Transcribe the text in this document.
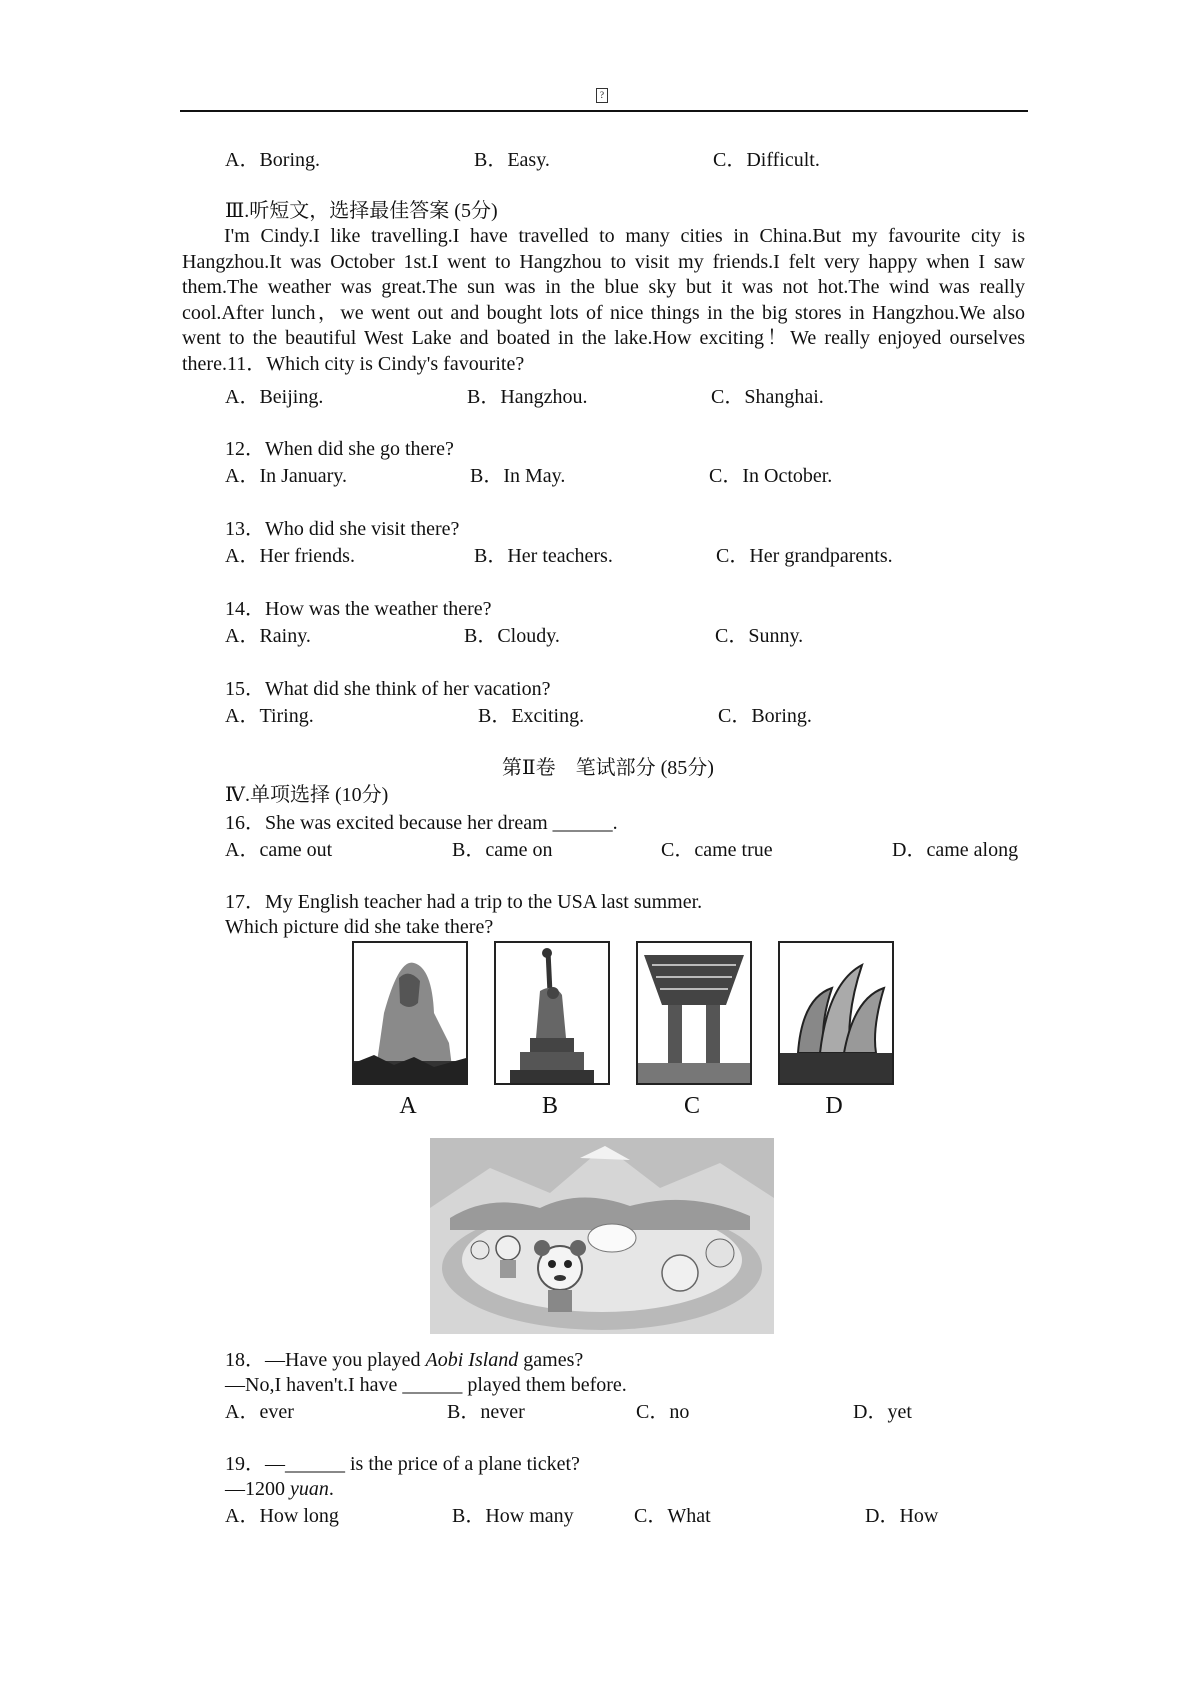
?
A．Boring.	B．Easy.	C．Difficult.
Ⅲ.听短文，选择最佳答案 (5分)
I'm Cindy.I like travelling.I have travelled to many cities in China.But my favourite city is Hangzhou.It was October 1st.I went to Hangzhou to visit my friends.I felt very happy when I saw them.The weather was great.The sun was in the blue sky but it was not hot.The wind was really cool.After lunch，we went out and bought lots of nice things in the big stores in Hangzhou.We also went to the beautiful West Lake and boated in the lake.How exciting！We really enjoyed ourselves there.11．Which city is Cindy's favourite?
A．Beijing.	B．Hangzhou.	C．Shanghai.
12．When did she go there?
A．In January.	B．In May.	C．In October.
13．Who did she visit there?
A．Her friends.	B．Her teachers.	C．Her grandparents.
14．How was the weather there?
A．Rainy.	B．Cloudy.	C．Sunny.
15．What did she think of her vacation?
A．Tiring.	B．Exciting.	C．Boring.
第Ⅱ卷　笔试部分 (85分)
Ⅳ.单项选择 (10分)
16．She was excited because her dream ______.
A．came out	B．came on	C．came true	D．came along
17．My English teacher had a trip to the USA last summer.
Which picture did she take there?
A	B	C	D
18．—Have you played Aobi Island games?
—No,I haven't.I have ______ played them before.
A．ever	B．never	C．no	D．yet
19．—______ is the price of a plane ticket?
—1200 yuan.
A．How long	B．How many	C．What	D．How
